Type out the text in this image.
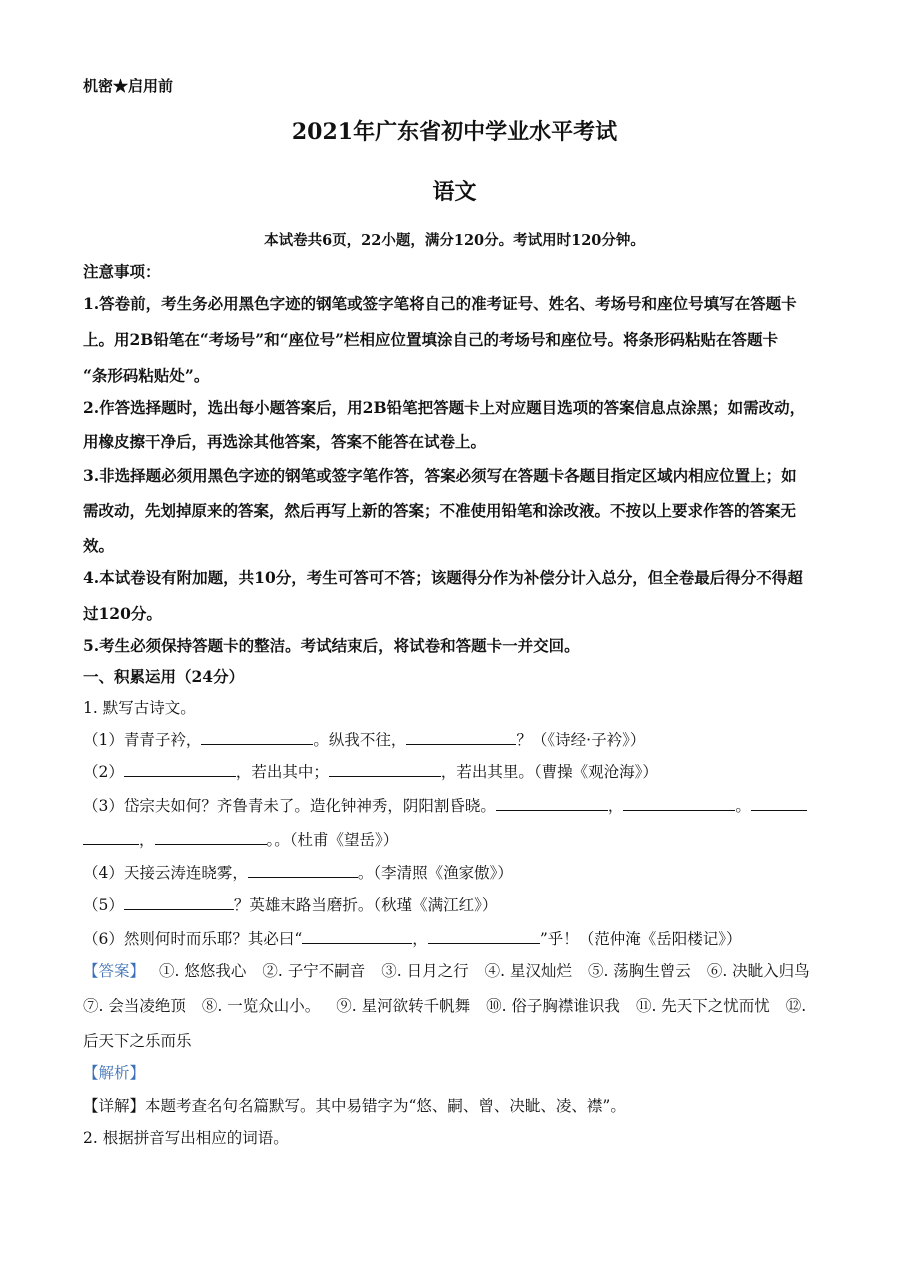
机密★启用前
2021年广东省初中学业水平考试
语文
本试卷共6页，22小题，满分120分。考试用时120分钟。
注意事项：
1.答卷前，考生务必用黑色字迹的钢笔或签字笔将自己的准考证号、姓名、考场号和座位号填写在答题卡
上。用2B铅笔在“考场号”和“座位号”栏相应位置填涂自己的考场号和座位号。将条形码粘贴在答题卡
“条形码粘贴处”。
2.作答选择题时，选出每小题答案后，用2B铅笔把答题卡上对应题目选项的答案信息点涂黑；如需改动，
用橡皮擦干净后，再选涂其他答案，答案不能答在试卷上。
3.非选择题必须用黑色字迹的钢笔或签字笔作答，答案必须写在答题卡各题目指定区域内相应位置上；如
需改动，先划掉原来的答案，然后再写上新的答案；不准使用铅笔和涂改液。不按以上要求作答的答案无
效。
4.本试卷设有附加题，共10分，考生可答可不答；该题得分作为补偿分计入总分，但全卷最后得分不得超
过120分。
5.考生必须保持答题卡的整洁。考试结束后，将试卷和答题卡一并交回。
一、积累运用（24分）
1. 默写古诗文。
（1）青青子衿，	。纵我不往，	？（《诗经·子衿》）
（2）	，若出其中；	，若出其里。（曹操《观沧海》）
（3）岱宗夫如何？齐鲁青未了。造化钟神秀，阴阳割昏晓。	，	。
，	。。（杜甫《望岳》）
（4）天接云涛连晓雾，	。（李清照《渔家傲》）
（5）	？英雄末路当磨折。（秋瑾《满江红》）
（6）然则何时而乐耶？其必曰“	，	”乎！（范仲淹《岳阳楼记》）
【答案】 ①. 悠悠我心 ②. 子宁不嗣音 ③. 日月之行 ④. 星汉灿烂 ⑤. 荡胸生曾云 ⑥. 决眦入归鸟
⑦. 会当凌绝顶 ⑧. 一览众山小。 ⑨. 星河欲转千帆舞 ⑩. 俗子胸襟谁识我 ⑪. 先天下之忧而忧 ⑫.
后天下之乐而乐
【解析】
【详解】本题考查名句名篇默写。其中易错字为“悠、嗣、曾、决眦、凌、襟”。
2. 根据拼音写出相应的词语。
